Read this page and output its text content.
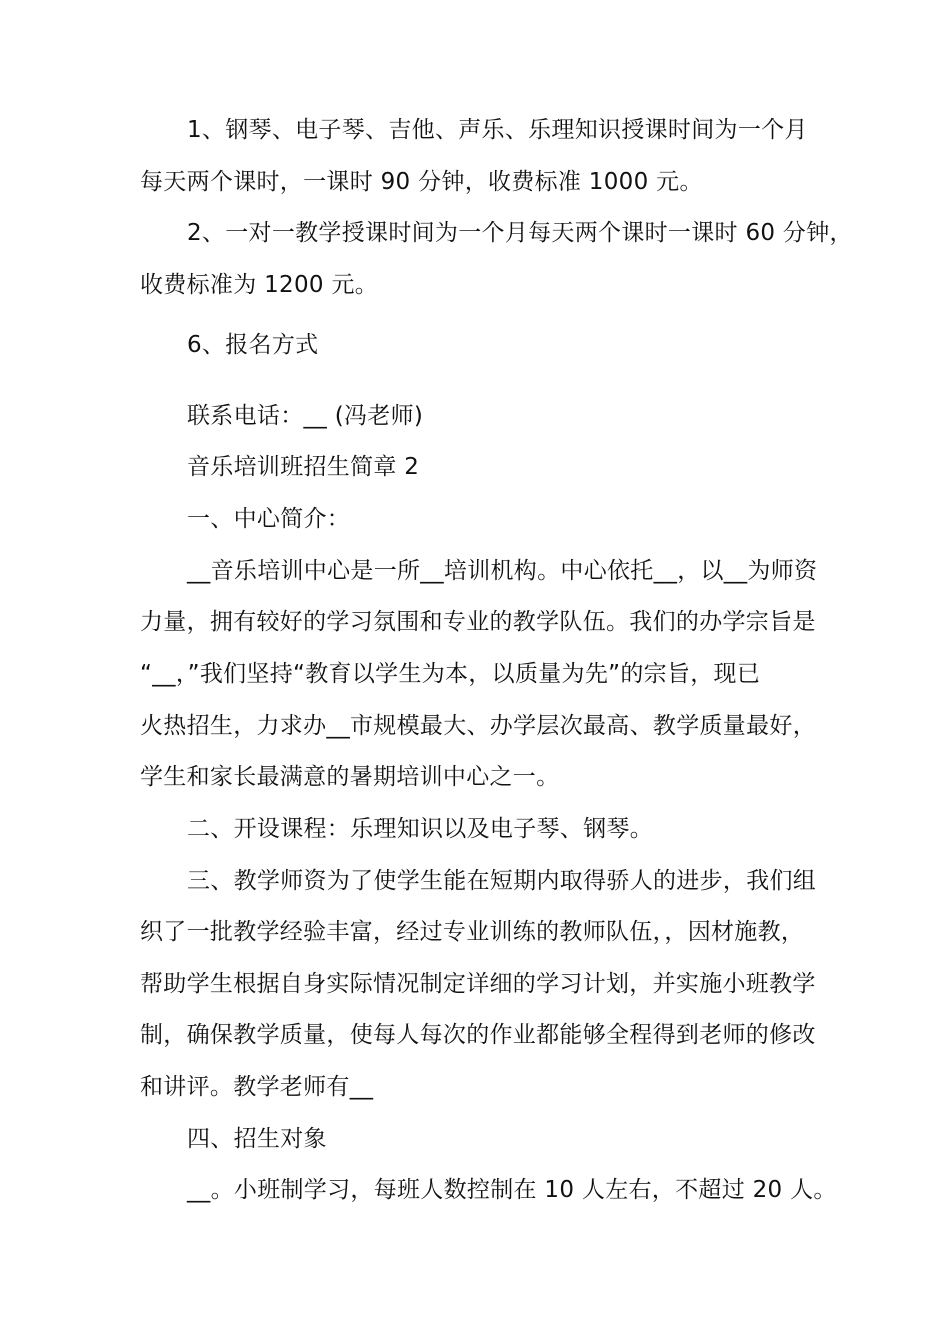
1、钢琴、电子琴、吉他、声乐、乐理知识授课时间为一个月
每天两个课时，一课时 90 分钟，收费标准 1000 元。
2、一对一教学授课时间为一个月每天两个课时一课时 60 分钟，
收费标准为 1200 元。
6、报名方式
联系电话：__ (冯老师)
音乐培训班招生简章 2
一、中心简介：
__音乐培训中心是一所__培训机构。中心依托__，以__为师资
力量，拥有较好的学习氛围和专业的教学队伍。我们的办学宗旨是
“__，”我们坚持“教育以学生为本，以质量为先”的宗旨，现已
火热招生，力求办__市规模最大、办学层次最高、教学质量最好，
学生和家长最满意的暑期培训中心之一。
二、开设课程：乐理知识以及电子琴、钢琴。
三、教学师资为了使学生能在短期内取得骄人的进步，我们组
织了一批教学经验丰富，经过专业训练的教师队伍，，因材施教，
帮助学生根据自身实际情况制定详细的学习计划，并实施小班教学
制，确保教学质量，使每人每次的作业都能够全程得到老师的修改
和讲评。教学老师有__
四、招生对象
__。小班制学习，每班人数控制在 10 人左右，不超过 20 人。
